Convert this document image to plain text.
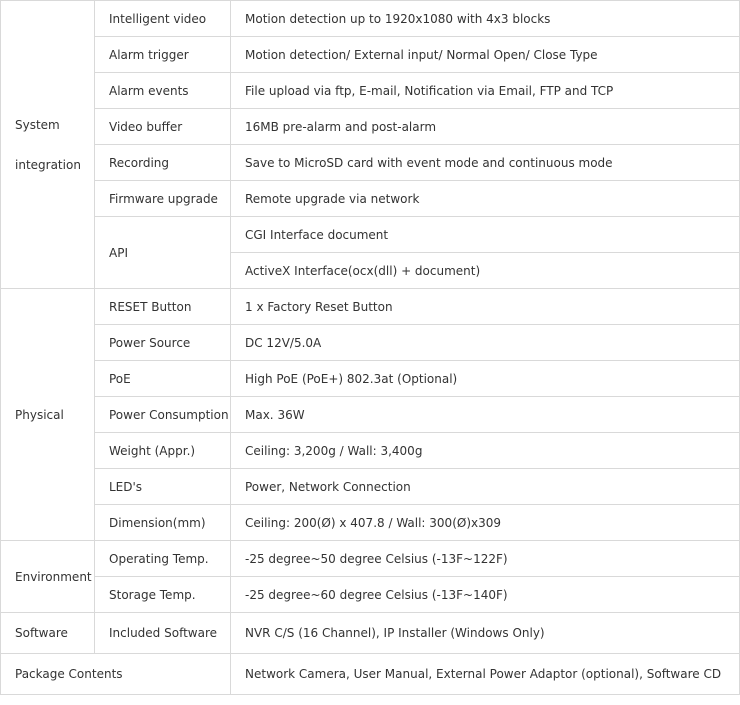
System
integration	Intelligent video	Motion detection up to 1920x1080 with 4x3 blocks
	Alarm trigger	Motion detection/ External input/ Normal Open/ Close Type
	Alarm events	File upload via ftp, E-mail, Notification via Email, FTP and TCP
	Video buffer	16MB pre-alarm and post-alarm
	Recording	Save to MicroSD card with event mode and continuous mode
	Firmware upgrade	Remote upgrade via network
	API	CGI Interface document
		ActiveX Interface(ocx(dll) + document)
Physical	RESET Button	1 x Factory Reset Button
	Power Source	DC 12V/5.0A
	PoE	High PoE (PoE+) 802.3at (Optional)
	Power Consumption	Max. 36W
	Weight (Appr.)	Ceiling: 3,200g / Wall: 3,400g
	LED's	Power, Network Connection
	Dimension(mm)	Ceiling: 200(Ø) x 407.8 / Wall: 300(Ø)x309
Environment	Operating Temp.	-25 degree~50 degree Celsius (-13F~122F)
	Storage Temp.	-25 degree~60 degree Celsius (-13F~140F)
Software	Included Software	NVR C/S (16 Channel), IP Installer (Windows Only)
Package Contents		Network Camera, User Manual, External Power Adaptor (optional), Software CD
